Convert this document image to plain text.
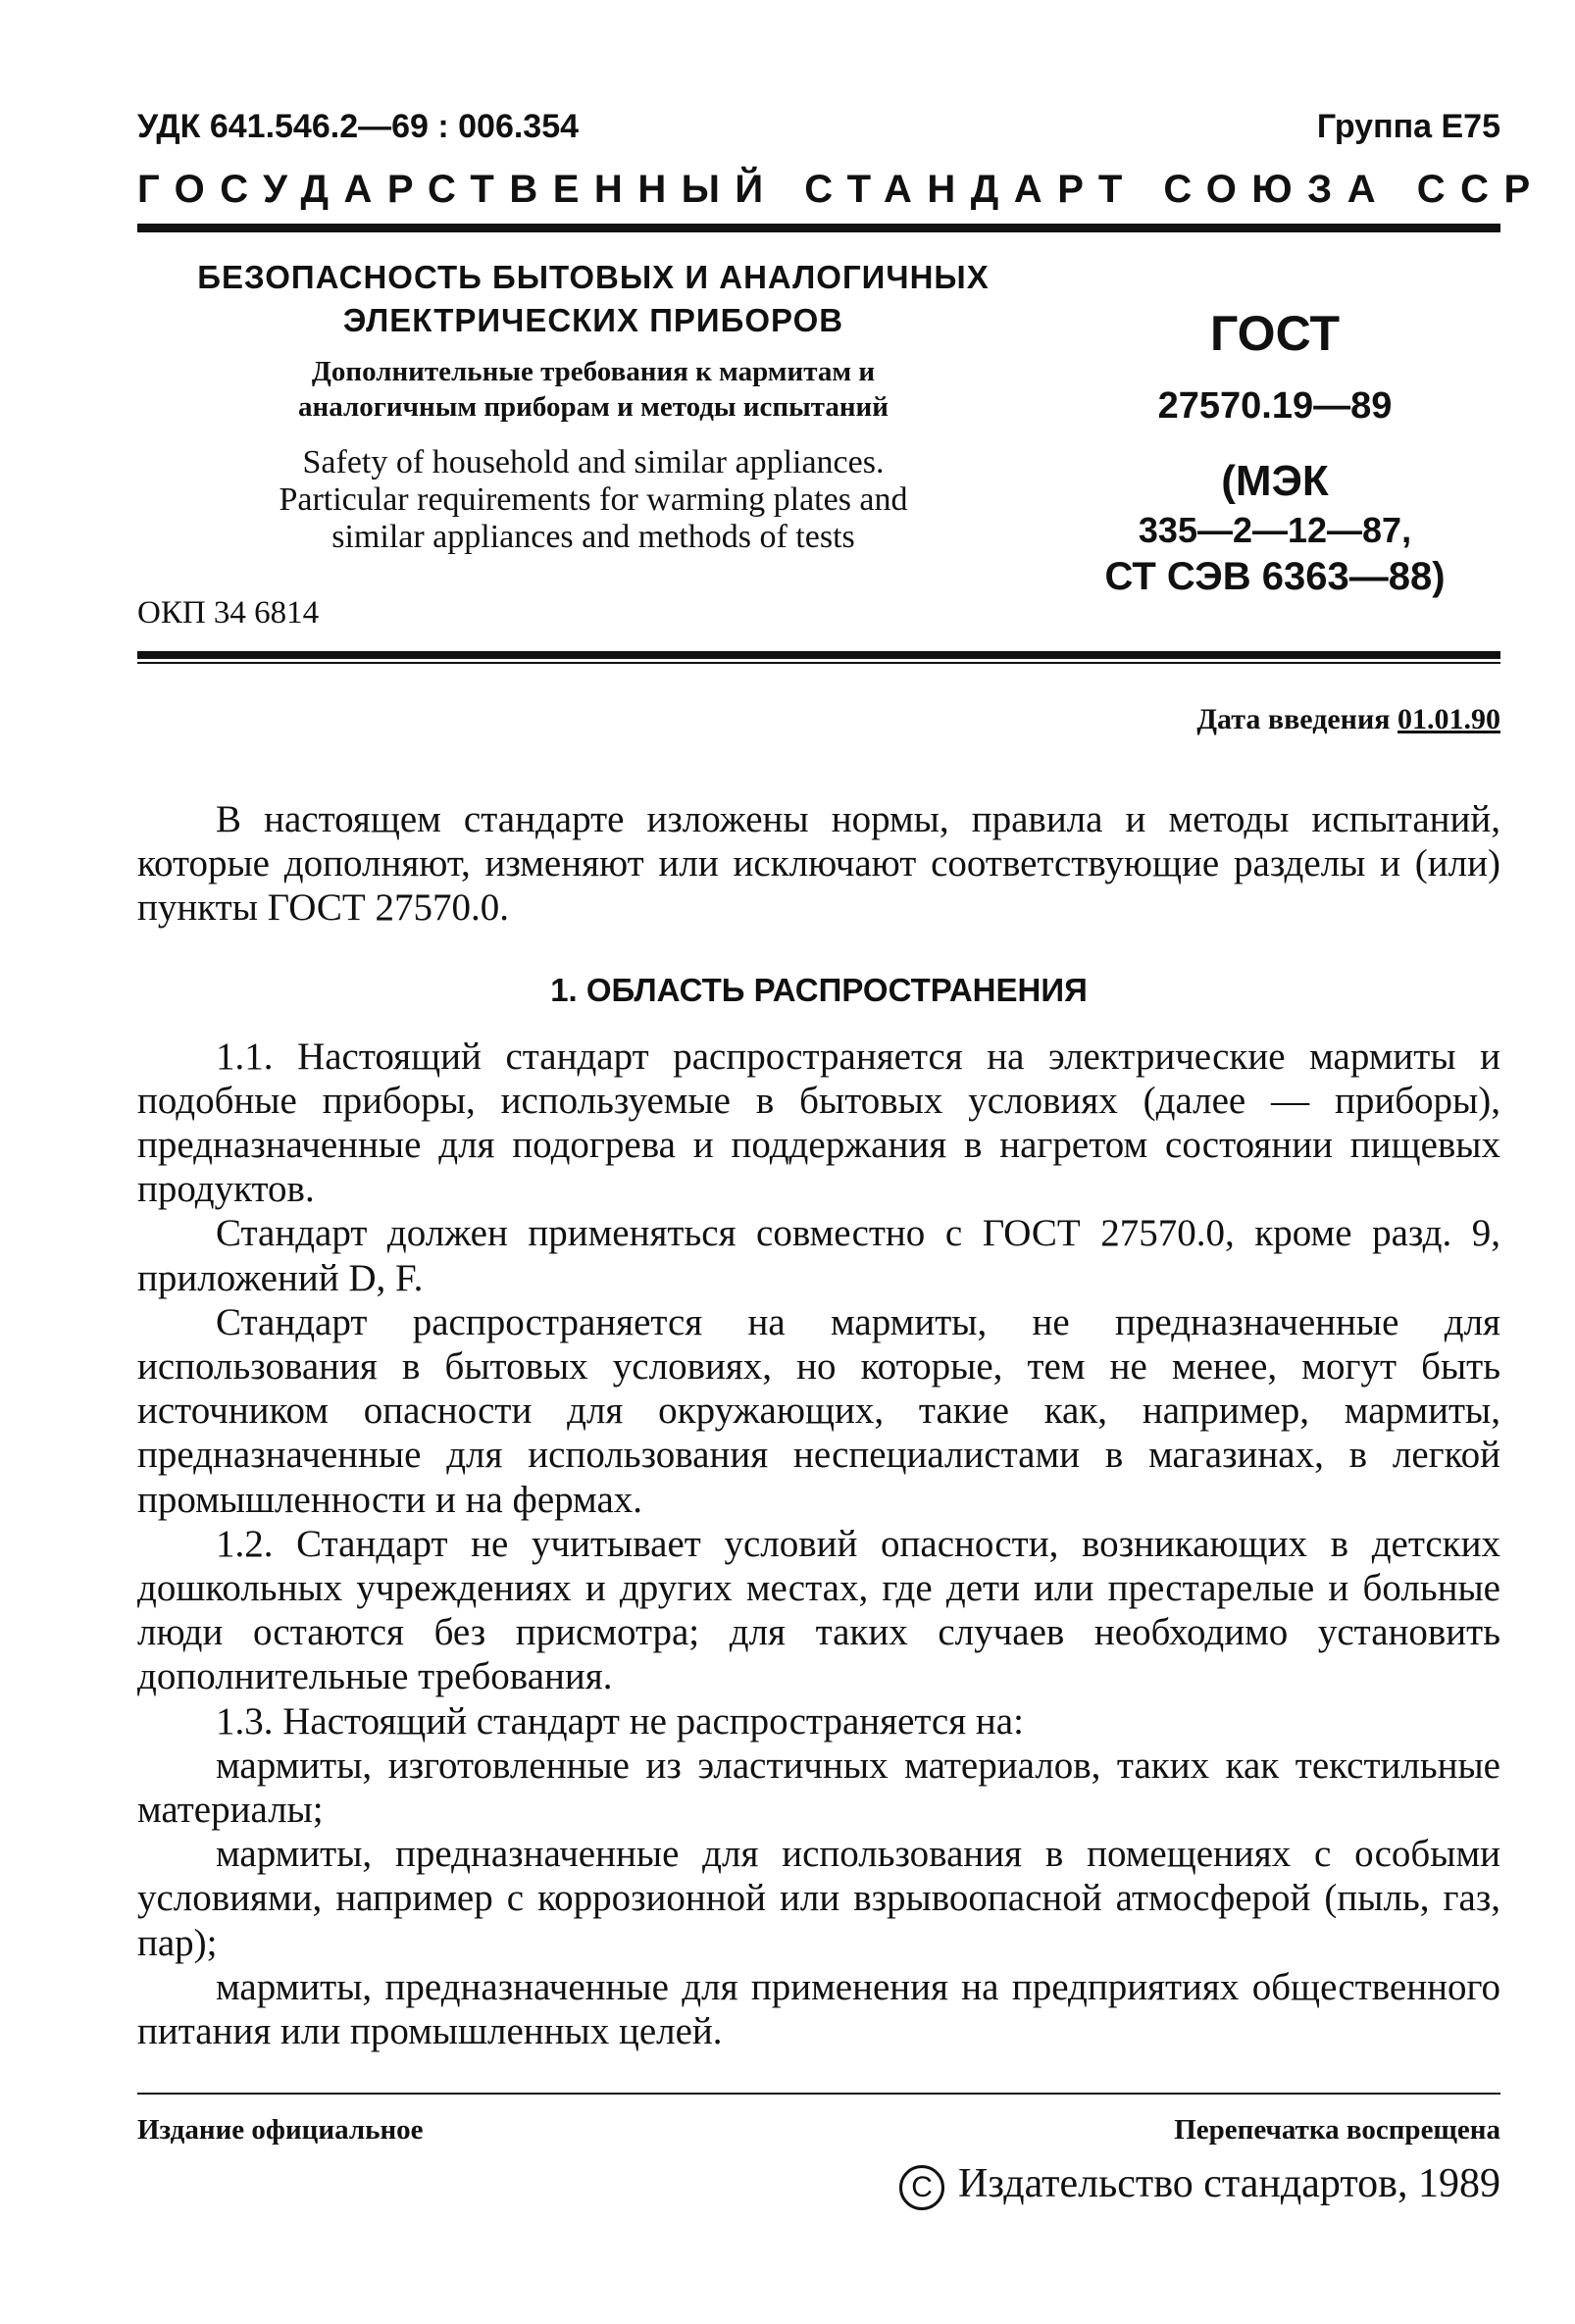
УДК 641.546.2—69 : 006.354	Группа Е75
ГОСУДАРСТВЕННЫЙ СТАНДАРТ СОЮЗА ССР
БЕЗОПАСНОСТЬ БЫТОВЫХ И АНАЛОГИЧНЫХ
ЭЛЕКТРИЧЕСКИХ ПРИБОРОВ
Дополнительные требования к мармитам и
аналогичным приборам и методы испытаний
Safety of household and similar appliances.
Particular requirements for warming plates and
similar appliances and methods of tests
ОКП 34 6814
ГОСТ
27570.19—89
(МЭК
335—2—12—87,
СТ СЭВ 6363—88)
Дата введения 01.01.90

В настоящем стандарте изложены нормы, правила и методы испытаний, которые дополняют, изменяют или исключают соответствующие разделы и (или) пункты ГОСТ 27570.0.

1. ОБЛАСТЬ РАСПРОСТРАНЕНИЯ

1.1. Настоящий стандарт распространяется на электрические мармиты и подобные приборы, используемые в бытовых условиях (далее — приборы), предназначенные для подогрева и поддержания в нагретом состоянии пищевых продуктов.

Стандарт должен применяться совместно с ГОСТ 27570.0, кроме разд. 9, приложений D, F.

Стандарт распространяется на мармиты, не предназначенные для использования в бытовых условиях, но которые, тем не менее, могут быть источником опасности для окружающих, такие как, например, мармиты, предназначенные для использования неспециалистами в магазинах, в легкой промышленности и на фермах.

1.2. Стандарт не учитывает условий опасности, возникающих в детских дошкольных учреждениях и других местах, где дети или престарелые и больные люди остаются без присмотра; для таких случаев необходимо установить дополнительные требования.

1.3. Настоящий стандарт не распространяется на:

мармиты, изготовленные из эластичных материалов, таких как текстильные материалы;

мармиты, предназначенные для использования в помещениях с особыми условиями, например с коррозионной или взрывоопасной атмосферой (пыль, газ, пар);

мармиты, предназначенные для применения на предприятиях общественного питания или промышленных целей.

Издание официальное	Перепечатка воспрещена
C Издательство стандартов, 1989
